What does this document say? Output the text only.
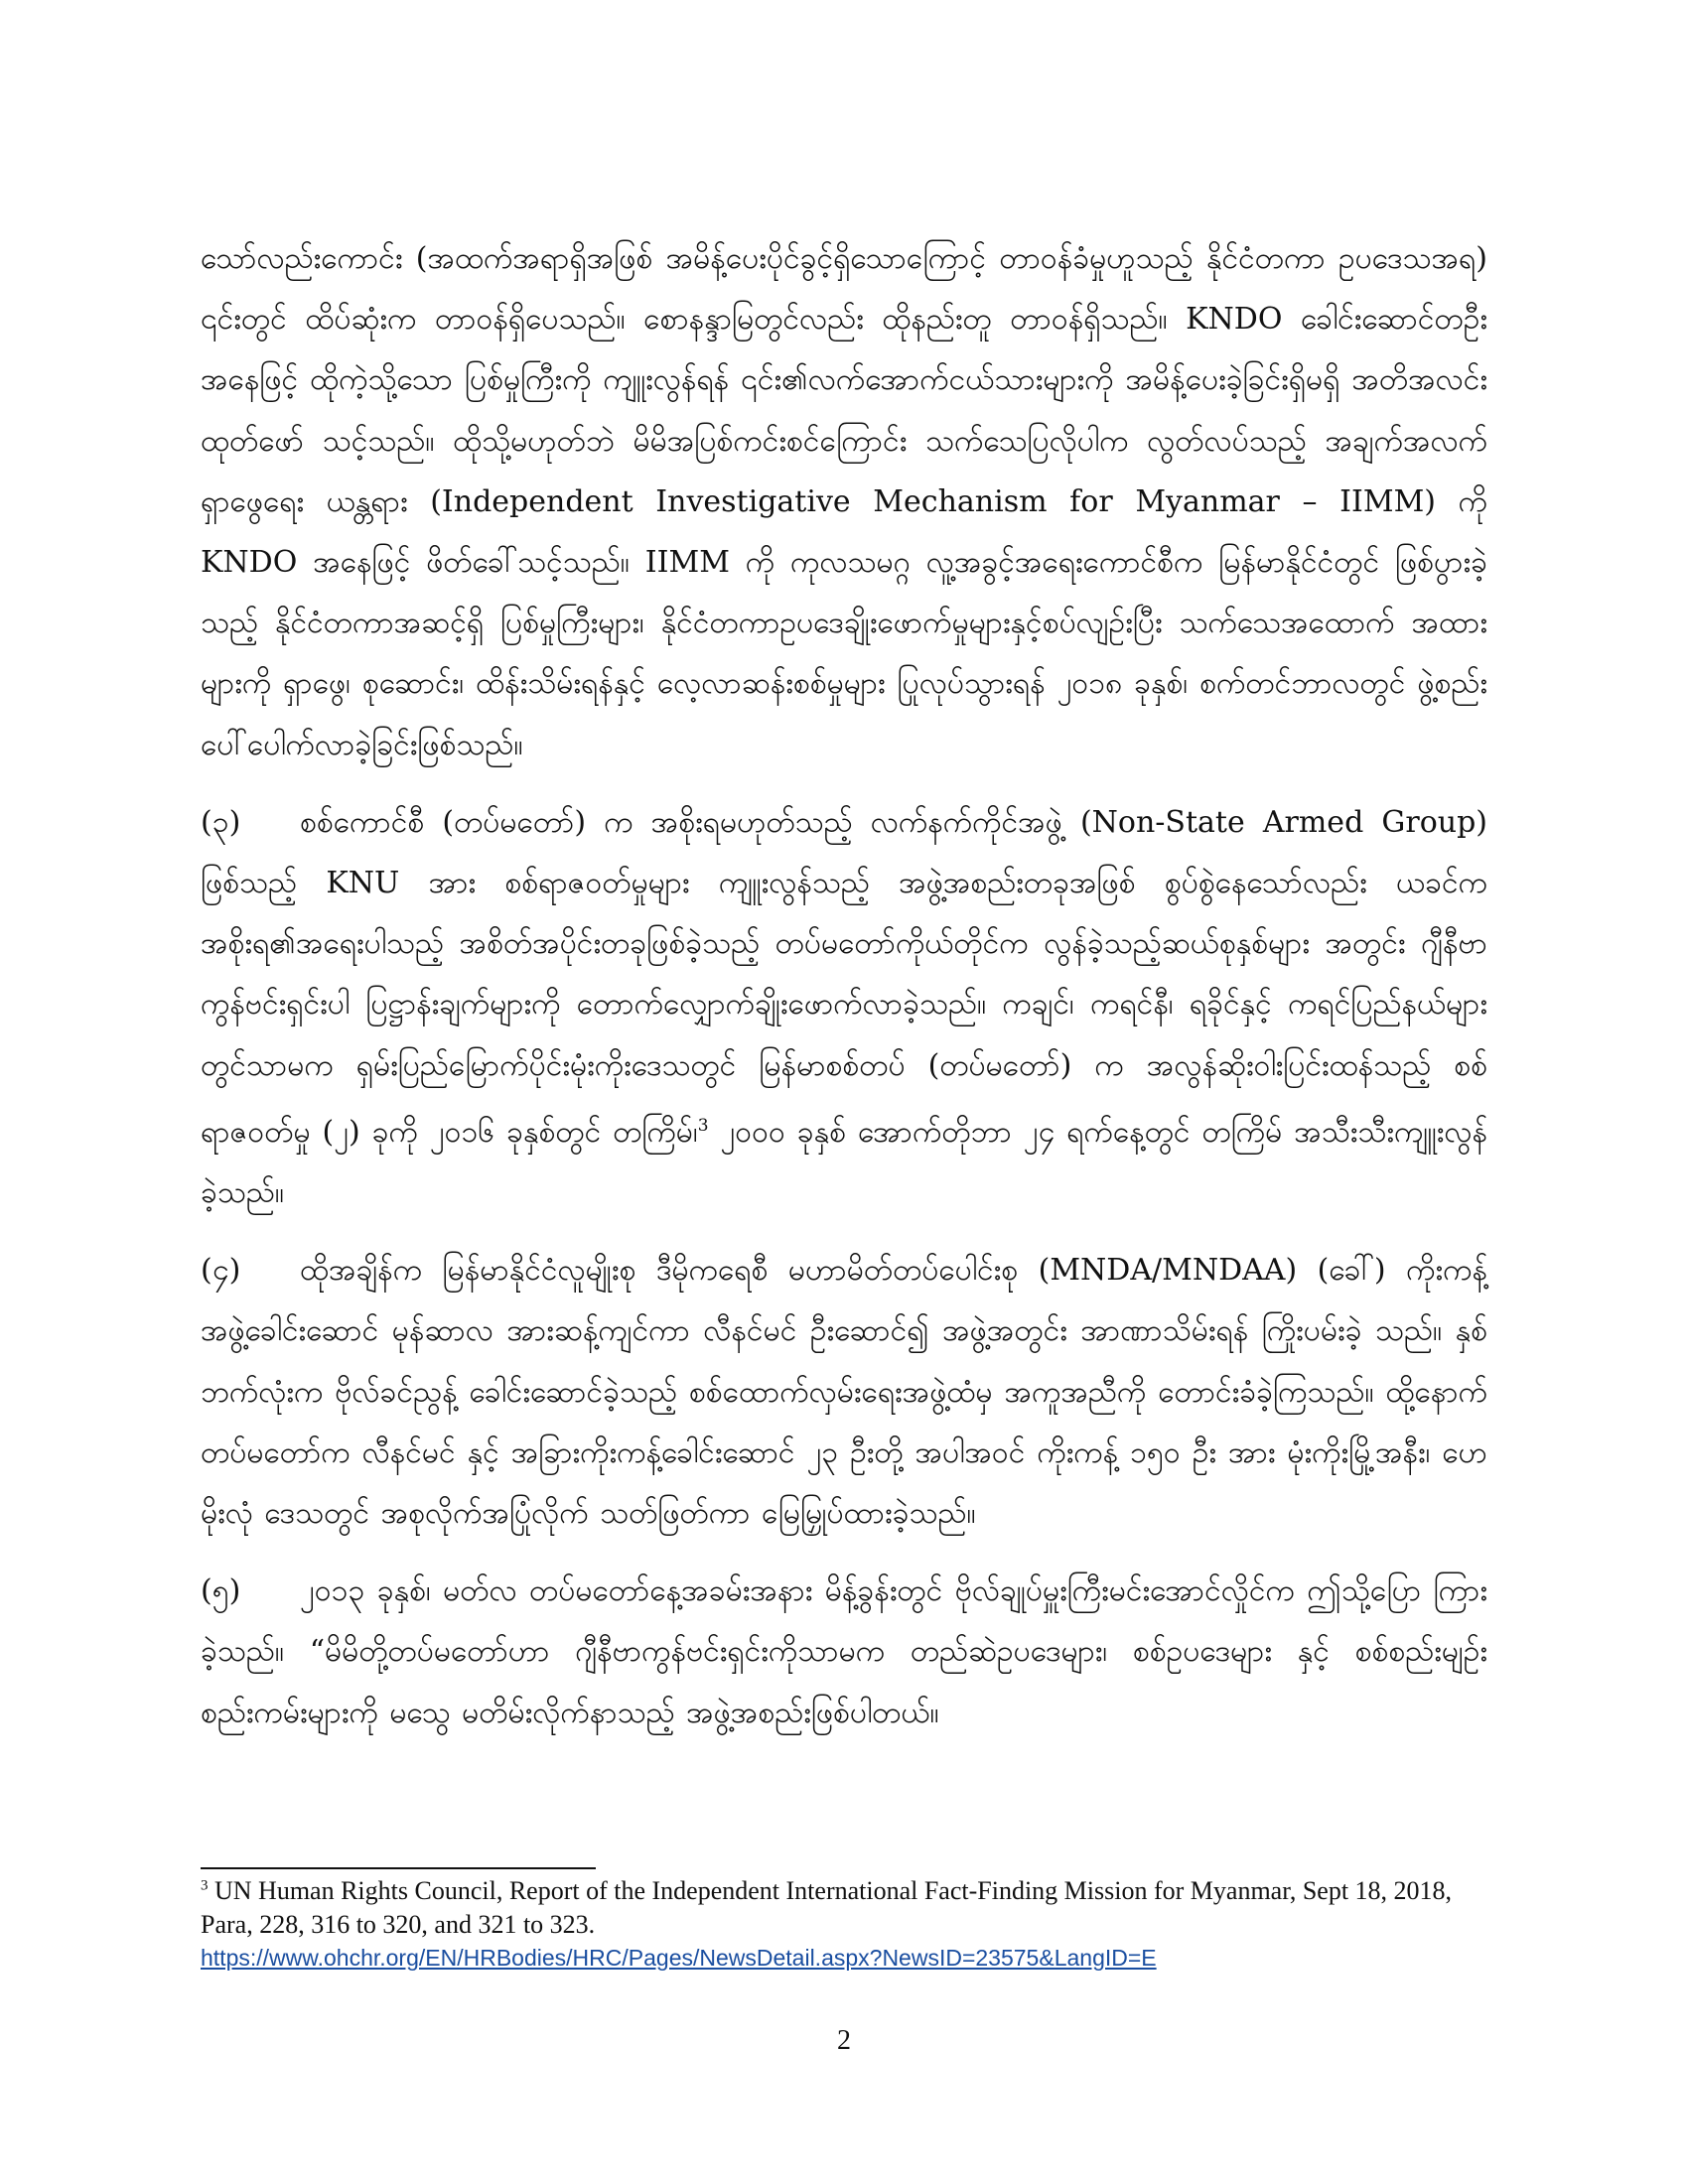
သော်လည်းကောင်း (အထက်အရာရှိအဖြစ် အမိန့်ပေးပိုင်ခွင့်ရှိသောကြောင့် တာဝန်ခံမှုဟူသည့် နိုင်ငံတကာ ဥပဒေသအရ) ၎င်းတွင် ထိပ်ဆုံးက တာဝန်ရှိပေသည်။ စောနန္ဒာမြတွင်လည်း ထိုနည်းတူ တာဝန်ရှိသည်။ KNDO ခေါင်းဆောင်တဦးအနေဖြင့် ထိုကဲ့သို့သော ပြစ်မှုကြီးကို ကျူးလွန်ရန် ၎င်း၏လက်အောက်ငယ်သားများကို အမိန့်ပေးခဲ့ခြင်းရှိမရှိ အတိအလင်းထုတ်ဖော် သင့်သည်။ ထိုသို့မဟုတ်ဘဲ မိမိအပြစ်ကင်းစင်ကြောင်း သက်သေပြလိုပါက လွတ်လပ်သည့် အချက်အလက်ရှာဖွေရေး ယန္တရား (Independent Investigative Mechanism for Myanmar – IIMM) ကို KNDO အနေဖြင့် ဖိတ်ခေါ်သင့်သည်။ IIMM ကို ကုလသမဂ္ဂ လူ့အခွင့်အရေးကောင်စီက မြန်မာနိုင်ငံတွင် ဖြစ်ပွားခဲ့သည့် နိုင်ငံတကာအဆင့်ရှိ ပြစ်မှုကြီးများ၊ နိုင်ငံတကာဥပဒေချိုးဖောက်မှုများနှင့်စပ်လျဉ်းပြီး သက်သေအထောက် အထားများကို ရှာဖွေ၊ စုဆောင်း၊ ထိန်းသိမ်းရန်နှင့် လေ့လာဆန်းစစ်မှုများ ပြုလုပ်သွားရန် ၂၀၁၈ ခုနှစ်၊ စက်တင်ဘာလတွင် ဖွဲ့စည်းပေါ်ပေါက်လာခဲ့ခြင်းဖြစ်သည်။

(၃) စစ်ကောင်စီ (တပ်မတော်) က အစိုးရမဟုတ်သည့် လက်နက်ကိုင်အဖွဲ့ (Non-State Armed Group) ဖြစ်သည့် KNU အား စစ်ရာဇဝတ်မှုများ ကျူးလွန်သည့် အဖွဲ့အစည်းတခုအဖြစ် စွပ်စွဲနေသော်လည်း ယခင်က အစိုးရ၏အရေးပါသည့် အစိတ်အပိုင်းတခုဖြစ်ခဲ့သည့် တပ်မတော်ကိုယ်တိုင်က လွန်ခဲ့သည့်ဆယ်စုနှစ်များ အတွင်း ဂျီနီဗာကွန်ဗင်းရှင်းပါ ပြဋ္ဌာန်းချက်များကို တောက်လျှောက်ချိုးဖောက်လာခဲ့သည်။ ကချင်၊ ကရင်နီ၊ ရခိုင်နှင့် ကရင်ပြည်နယ်များတွင်သာမက ရှမ်းပြည်မြောက်ပိုင်းမုံးကိုးဒေသတွင် မြန်မာစစ်တပ် (တပ်မတော်) က အလွန်ဆိုးဝါးပြင်းထန်သည့် စစ်ရာဇဝတ်မှု (၂) ခုကို ၂၀၁၆ ခုနှစ်တွင် တကြိမ်၊$^3$ ၂၀၀၀ ခုနှစ် အောက်တိုဘာ ၂၄ ရက်နေ့တွင် တကြိမ် အသီးသီးကျူးလွန်ခဲ့သည်။

(၄) ထိုအချိန်က မြန်မာနိုင်ငံလူမျိုးစု ဒီမိုကရေစီ မဟာမိတ်တပ်ပေါင်းစု (MNDA/MNDAA) (ခေါ်) ကိုးကန့် အဖွဲ့ခေါင်းဆောင် မုန်ဆာလ အားဆန့်ကျင်ကာ လီနင်မင် ဦးဆောင်၍ အဖွဲ့အတွင်း အာဏာသိမ်းရန် ကြိုးပမ်းခဲ့ သည်။ နှစ်ဘက်လုံးက ဗိုလ်ခင်ညွန့် ခေါင်းဆောင်ခဲ့သည့် စစ်ထောက်လှမ်းရေးအဖွဲ့ထံမှ အကူအညီကို တောင်းခံခဲ့ကြသည်။ ထို့နောက် တပ်မတော်က လီနင်မင် နှင့် အခြားကိုးကန့်ခေါင်းဆောင် ၂၃ ဦးတို့ အပါအဝင် ကိုးကန့် ၁၅၀ ဦး အား မုံးကိုးမြို့အနီး၊ ဟေမိုးလုံ ဒေသတွင် အစုလိုက်အပြုံလိုက် သတ်ဖြတ်ကာ မြေမြှုပ်ထားခဲ့သည်။

(၅) ၂၀၁၃ ခုနှစ်၊ မတ်လ တပ်မတော်နေ့အခမ်းအနား မိန့်ခွန်းတွင် ဗိုလ်ချုပ်မှူးကြီးမင်းအောင်လှိုင်က ဤသို့ပြော ကြားခဲ့သည်။ “မိမိတို့တပ်မတော်ဟာ ဂျီနီဗာကွန်ဗင်းရှင်းကိုသာမက တည်ဆဲဥပဒေများ၊ စစ်ဥပဒေများ နှင့် စစ်စည်းမျဉ်းစည်းကမ်းများကို မသွေ မတိမ်းလိုက်နာသည့် အဖွဲ့အစည်းဖြစ်ပါတယ်။

$^3$ UN Human Rights Council, Report of the Independent International Fact-Finding Mission for Myanmar, Sept 18, 2018, Para, 228, 316 to 320, and 321 to 323.
https://www.ohchr.org/EN/HRBodies/HRC/Pages/NewsDetail.aspx?NewsID=23575&LangID=E
2
